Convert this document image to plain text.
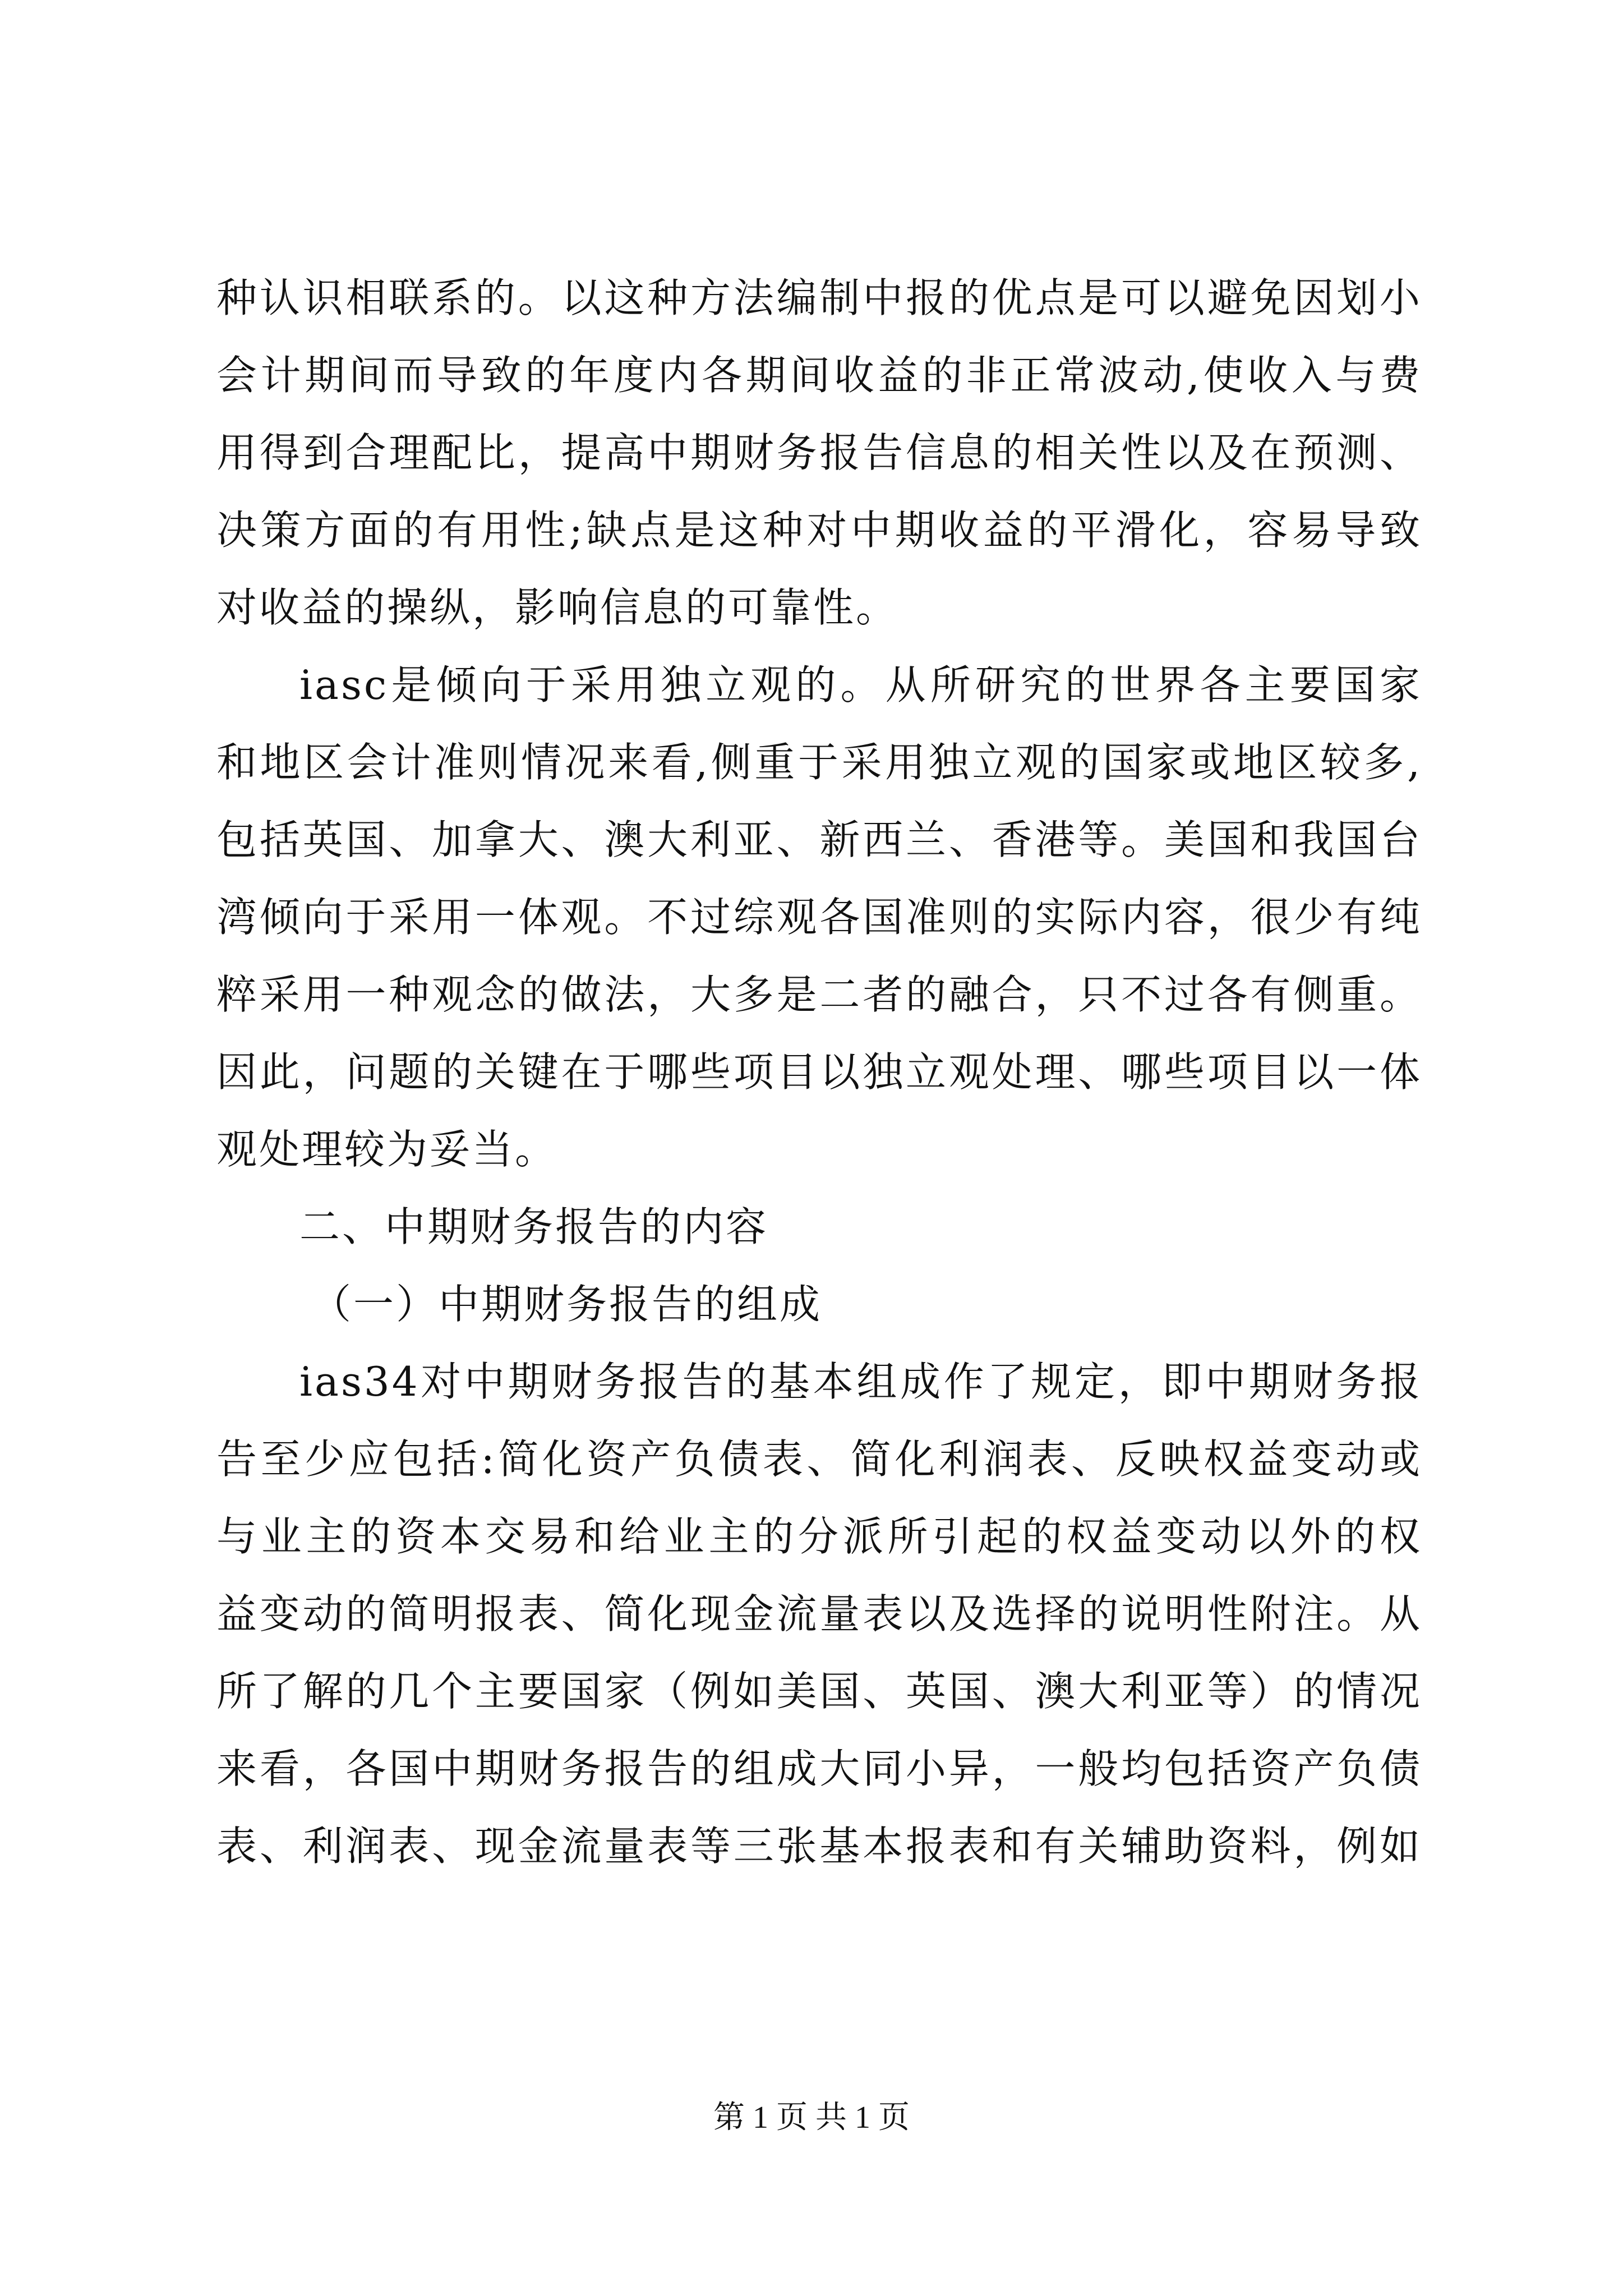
种认识相联系的。以这种方法编制中报的优点是可以避免因划小
会计期间而导致的年度内各期间收益的非正常波动,使收入与费
用得到合理配比，提高中期财务报告信息的相关性以及在预测、
决策方面的有用性;缺点是这种对中期收益的平滑化，容易导致
对收益的操纵，影响信息的可靠性。
iasc是倾向于采用独立观的。从所研究的世界各主要国家
和地区会计准则情况来看,侧重于采用独立观的国家或地区较多,
包括英国、加拿大、澳大利亚、新西兰、香港等。美国和我国台
湾倾向于采用一体观。不过综观各国准则的实际内容，很少有纯
粹采用一种观念的做法，大多是二者的融合，只不过各有侧重。
因此，问题的关键在于哪些项目以独立观处理、哪些项目以一体
观处理较为妥当。
二、中期财务报告的内容
（一）中期财务报告的组成
ias34对中期财务报告的基本组成作了规定，即中期财务报
告至少应包括:简化资产负债表、简化利润表、反映权益变动或
与业主的资本交易和给业主的分派所引起的权益变动以外的权
益变动的简明报表、简化现金流量表以及选择的说明性附注。从
所了解的几个主要国家（例如美国、英国、澳大利亚等）的情况
来看，各国中期财务报告的组成大同小异，一般均包括资产负债
表、利润表、现金流量表等三张基本报表和有关辅助资料，例如
第 1 页 共 1 页
